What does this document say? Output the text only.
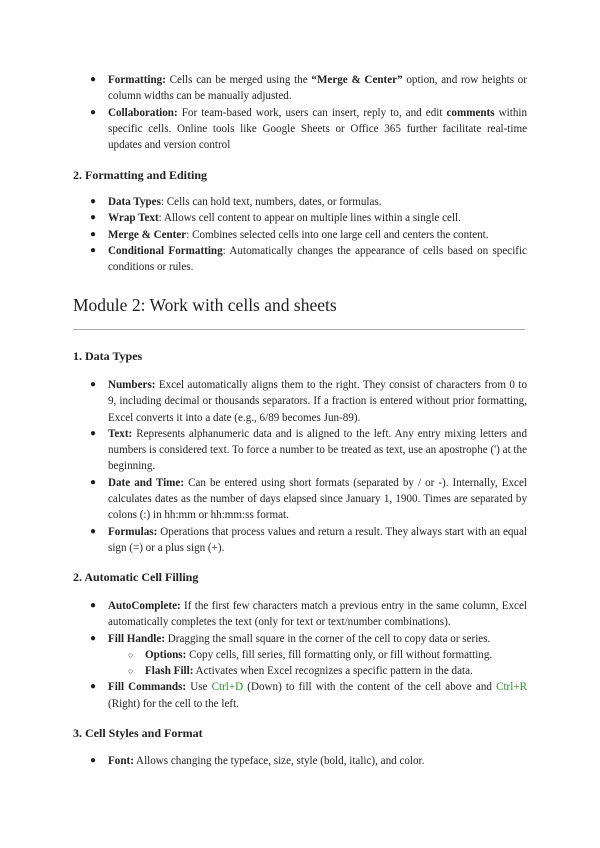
● Formatting: Cells can be merged using the “Merge & Center” option, and row heights or column widths can be manually adjusted.
● Collaboration: For team-based work, users can insert, reply to, and edit comments within specific cells. Online tools like Google Sheets or Office 365 further facilitate real-time updates and version control
2. Formatting and Editing
● Data Types: Cells can hold text, numbers, dates, or formulas.
● Wrap Text: Allows cell content to appear on multiple lines within a single cell.
● Merge & Center: Combines selected cells into one large cell and centers the content.
● Conditional Formatting: Automatically changes the appearance of cells based on specific conditions or rules.
Module 2: Work with cells and sheets
1. Data Types
● Numbers: Excel automatically aligns them to the right. They consist of characters from 0 to 9, including decimal or thousands separators. If a fraction is entered without prior formatting, Excel converts it into a date (e.g., 6/89 becomes Jun-89).
● Text: Represents alphanumeric data and is aligned to the left. Any entry mixing letters and numbers is considered text. To force a number to be treated as text, use an apostrophe (') at the beginning.
● Date and Time: Can be entered using short formats (separated by / or -). Internally, Excel calculates dates as the number of days elapsed since January 1, 1900. Times are separated by colons (:) in hh:mm or hh:mm:ss format.
● Formulas: Operations that process values and return a result. They always start with an equal sign (=) or a plus sign (+).
2. Automatic Cell Filling
● AutoComplete: If the first few characters match a previous entry in the same column, Excel automatically completes the text (only for text or text/number combinations).
● Fill Handle: Dragging the small square in the corner of the cell to copy data or series.
○ Options: Copy cells, fill series, fill formatting only, or fill without formatting.
○ Flash Fill: Activates when Excel recognizes a specific pattern in the data.
● Fill Commands: Use Ctrl+D (Down) to fill with the content of the cell above and Ctrl+R (Right) for the cell to the left.
3. Cell Styles and Format
● Font: Allows changing the typeface, size, style (bold, italic), and color.
